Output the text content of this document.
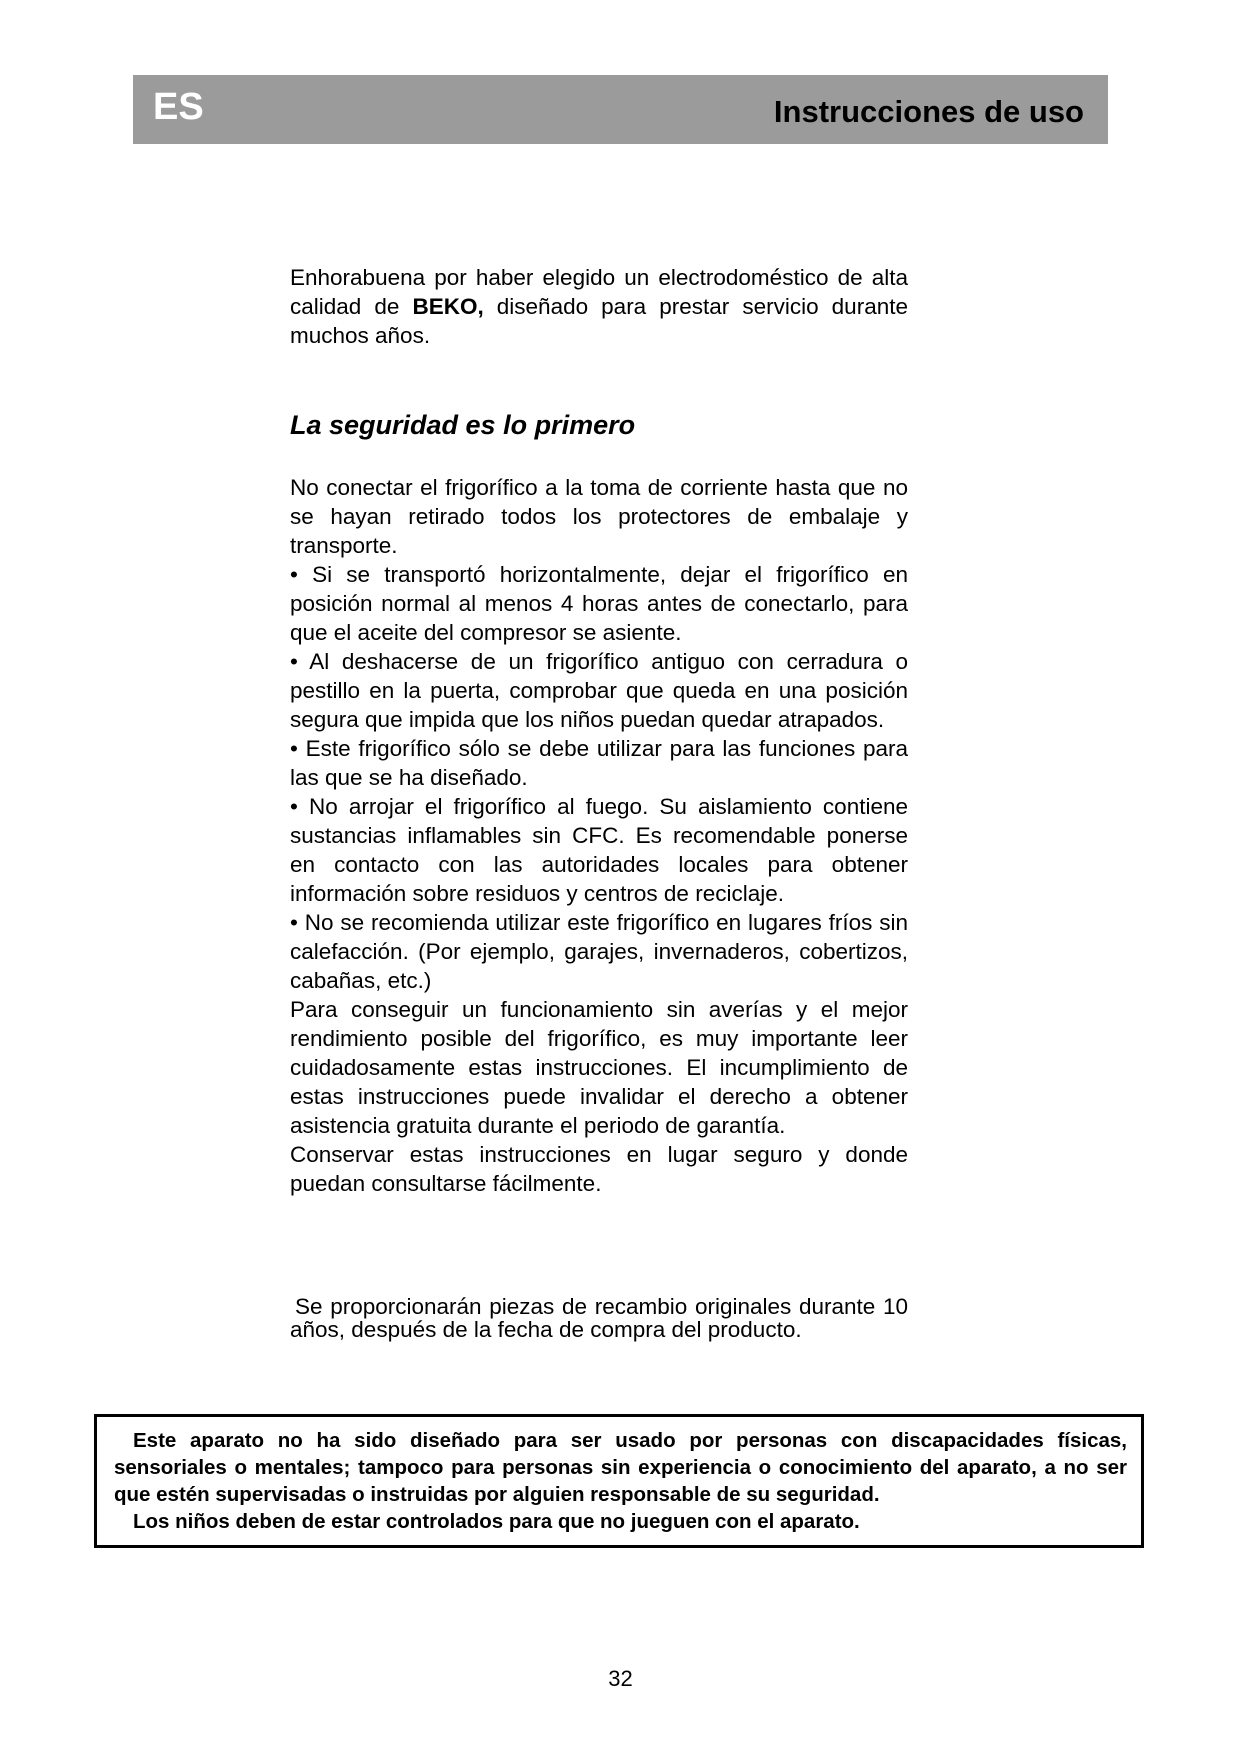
ES	Instrucciones de uso
Enhorabuena por haber elegido un electrodoméstico de alta calidad de BEKO, diseñado para prestar servicio durante muchos años.
La seguridad es lo primero

No conectar el frigorífico a la toma de corriente hasta que no se hayan retirado todos los protectores de embalaje y transporte.

• Si se transportó horizontalmente, dejar el frigorífico en posición normal al menos 4 horas antes de conectarlo, para que el aceite del compresor se asiente.

• Al deshacerse de un frigorífico antiguo con cerradura o pestillo en la puerta, comprobar que queda en una posición segura que impida que los niños puedan quedar atrapados.

• Este frigorífico sólo se debe utilizar para las funciones para las que se ha diseñado.

• No arrojar el frigorífico al fuego. Su aislamiento contiene sustancias inflamables sin CFC. Es recomendable ponerse en contacto con las autoridades locales para obtener información sobre residuos y centros de reciclaje.

• No se recomienda utilizar este frigorífico en lugares fríos sin calefacción. (Por ejemplo, garajes, invernaderos, cobertizos, cabañas, etc.)

Para conseguir un funcionamiento sin averías y el mejor rendimiento posible del frigorífico, es muy importante leer cuidadosamente estas instrucciones. El incumplimiento de estas instrucciones puede invalidar el derecho a obtener asistencia gratuita durante el periodo de garantía.

Conservar estas instrucciones en lugar seguro y donde puedan consultarse fácilmente.

Se proporcionarán piezas de recambio originales durante 10 años, después de la fecha de compra del producto.

Este aparato no ha sido diseñado para ser usado por personas con discapacidades físicas, sensoriales o mentales; tampoco para personas sin experiencia o conocimiento del aparato, a no ser que estén supervisadas o instruidas por alguien responsable de su seguridad.

Los niños deben de estar controlados para que no jueguen con el aparato.

32
